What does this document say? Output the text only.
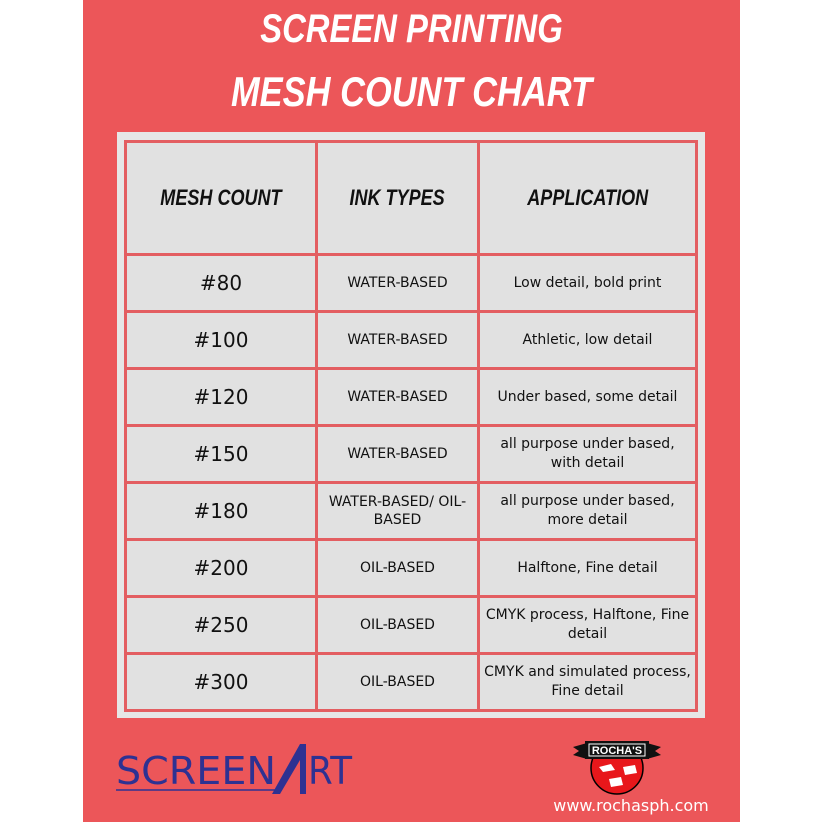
SCREEN PRINTING
MESH COUNT CHART
MESH COUNT	INK TYPES	APPLICATION
#80	WATER-BASED	Low detail, bold print
#100	WATER-BASED	Athletic, low detail
#120	WATER-BASED	Under based, some detail
#150	WATER-BASED	all purpose under based, with detail
#180	WATER-BASED/ OIL-BASED	all purpose under based, more detail
#200	OIL-BASED	Halftone, Fine detail
#250	OIL-BASED	CMYK process, Halftone, Fine detail
#300	OIL-BASED	CMYK and simulated process, Fine detail
SCREEN RT	ROCHA'S
www.rochasph.com
